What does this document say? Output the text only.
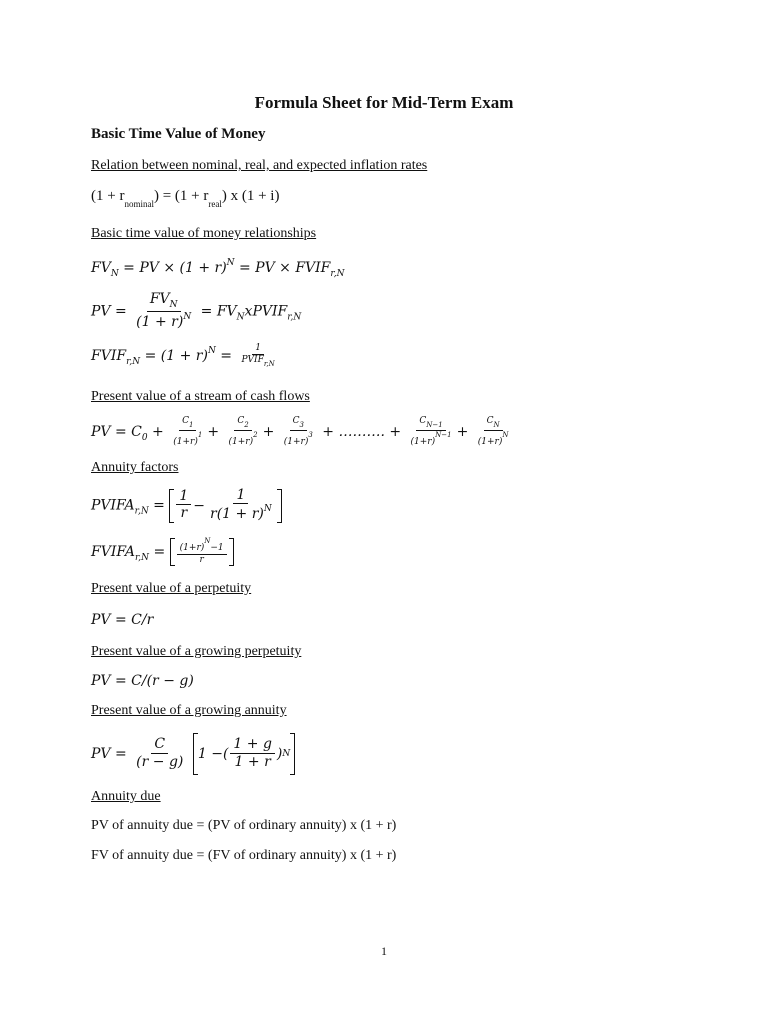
Formula Sheet for Mid-Term Exam
Basic Time Value of Money
Relation between nominal, real, and expected inflation rates
$(1 + r_{nominal}) = (1 + r_{real})$ x (1 + i)
Basic time value of money relationships
$FV_N$ = PV × $(1 + r)^N$ = PV × $FVIF_{r,N}$
PV = $\frac{FV_N}{(1 + r)^N}$ = $FV_NxPVIF_{r,N}$
$FVIF_{r,N} = (1 + r)^N = \frac{1}{PVIF_{r,N}}$
Present value of a stream of cash flows
PV = $C_0 + \frac{C_1}{(1+r)^1} + \frac{C_2}{(1+r)^2} + \frac{C_3}{(1+r)^3}$ + ………. + $\frac{C_{N-1}}{(1+r)^{N-1}} + \frac{C_N}{(1+r)^N}$
Annuity factors
$PVIFA_{r,N} = \frac{1}{r} - \frac{1}{r(1 + r)^N}$
$FVIFA_{r,N} = \frac{(1+r)^N-1}{r}$
Present value of a perpetuity
PV = C/r
Present value of a growing perpetuity
PV = C/(r − g)
Present value of a growing annuity
PV = $\frac{C}{(r - g)}$
1 − ( $\frac{1 + g}{1 + r}$ ) N
Annuity due
PV of annuity due = (PV of ordinary annuity) x (1 + r)
FV of annuity due = (FV of ordinary annuity) x (1 + r)
1
